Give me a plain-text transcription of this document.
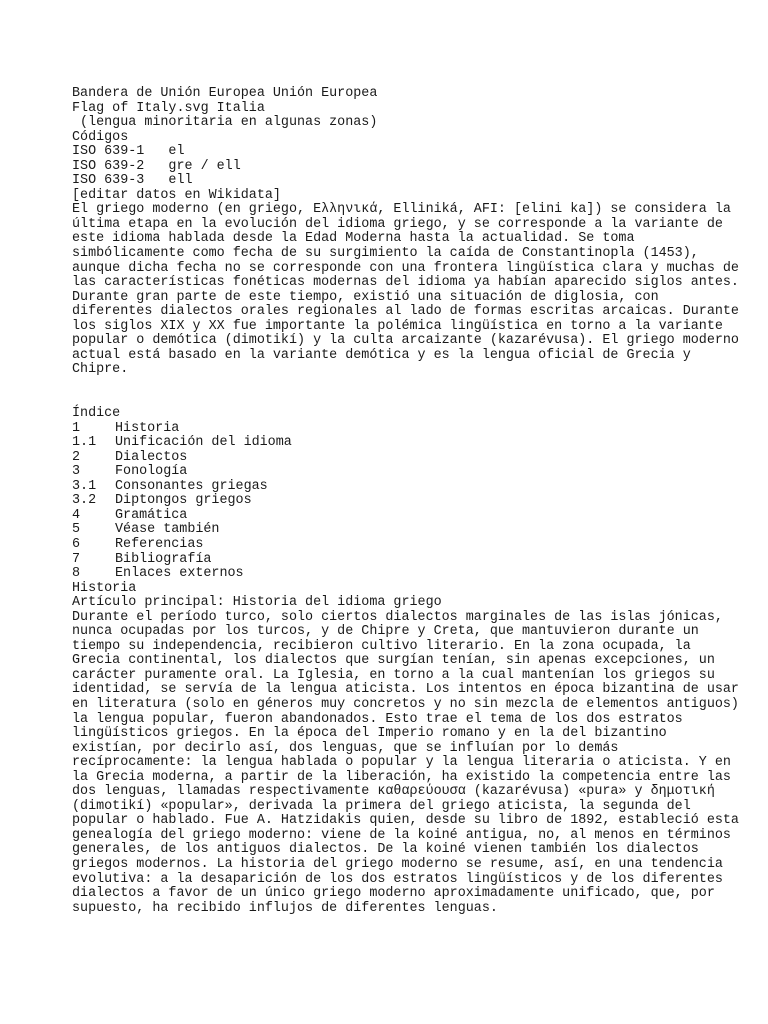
Bandera de Unión Europea Unión Europea
Flag of Italy.svg Italia
(lengua minoritaria en algunas zonas)
Códigos
ISO 639-1   el
ISO 639-2   gre / ell
ISO 639-3   ell
[editar datos en Wikidata]
El griego moderno (en griego, Ελληνικά, Elliniká, AFI: [elini ka]) se considera la
última etapa en la evolución del idioma griego, y se corresponde a la variante de
este idioma hablada desde la Edad Moderna hasta la actualidad. Se toma
simbólicamente como fecha de su surgimiento la caída de Constantinopla (1453),
aunque dicha fecha no se corresponde con una frontera lingüística clara y muchas de
las características fonéticas modernas del idioma ya habían aparecido siglos antes.
Durante gran parte de este tiempo, existió una situación de diglosia, con
diferentes dialectos orales regionales al lado de formas escritas arcaicas. Durante
los siglos XIX y XX fue importante la polémica lingüística en torno a la variante
popular o demótica (dimotikí) y la culta arcaizante (kazarévusa). El griego moderno
actual está basado en la variante demótica y es la lengua oficial de Grecia y
Chipre.
Índice
1	Historia
1.1 Unificación del idioma
2	Dialectos
3	Fonología
3.1 Consonantes griegas
3.2 Diptongos griegos
4	Gramática
5	Véase también
6	Referencias
7	Bibliografía
8	Enlaces externos
Historia
Artículo principal: Historia del idioma griego
Durante el período turco, solo ciertos dialectos marginales de las islas jónicas,
nunca ocupadas por los turcos, y de Chipre y Creta, que mantuvieron durante un
tiempo su independencia, recibieron cultivo literario. En la zona ocupada, la
Grecia continental, los dialectos que surgían tenían, sin apenas excepciones, un
carácter puramente oral. La Iglesia, en torno a la cual mantenían los griegos su
identidad, se servía de la lengua aticista. Los intentos en época bizantina de usar
en literatura (solo en géneros muy concretos y no sin mezcla de elementos antiguos)
la lengua popular, fueron abandonados. Esto trae el tema de los dos estratos
lingüísticos griegos. En la época del Imperio romano y en la del bizantino
existían, por decirlo así, dos lenguas, que se influían por lo demás
recíprocamente: la lengua hablada o popular y la lengua literaria o aticista. Y en
la Grecia moderna, a partir de la liberación, ha existido la competencia entre las
dos lenguas, llamadas respectivamente καθαρεύουσα (kazarévusa) «pura» y δημοτική
(dimotikí) «popular», derivada la primera del griego aticista, la segunda del
popular o hablado. Fue A. Hatzidakis quien, desde su libro de 1892, estableció esta
genealogía del griego moderno: viene de la koiné antigua, no, al menos en términos
generales, de los antiguos dialectos. De la koiné vienen también los dialectos
griegos modernos. La historia del griego moderno se resume, así, en una tendencia
evolutiva: a la desaparición de los dos estratos lingüísticos y de los diferentes
dialectos a favor de un único griego moderno aproximadamente unificado, que, por
supuesto, ha recibido influjos de diferentes lenguas.
